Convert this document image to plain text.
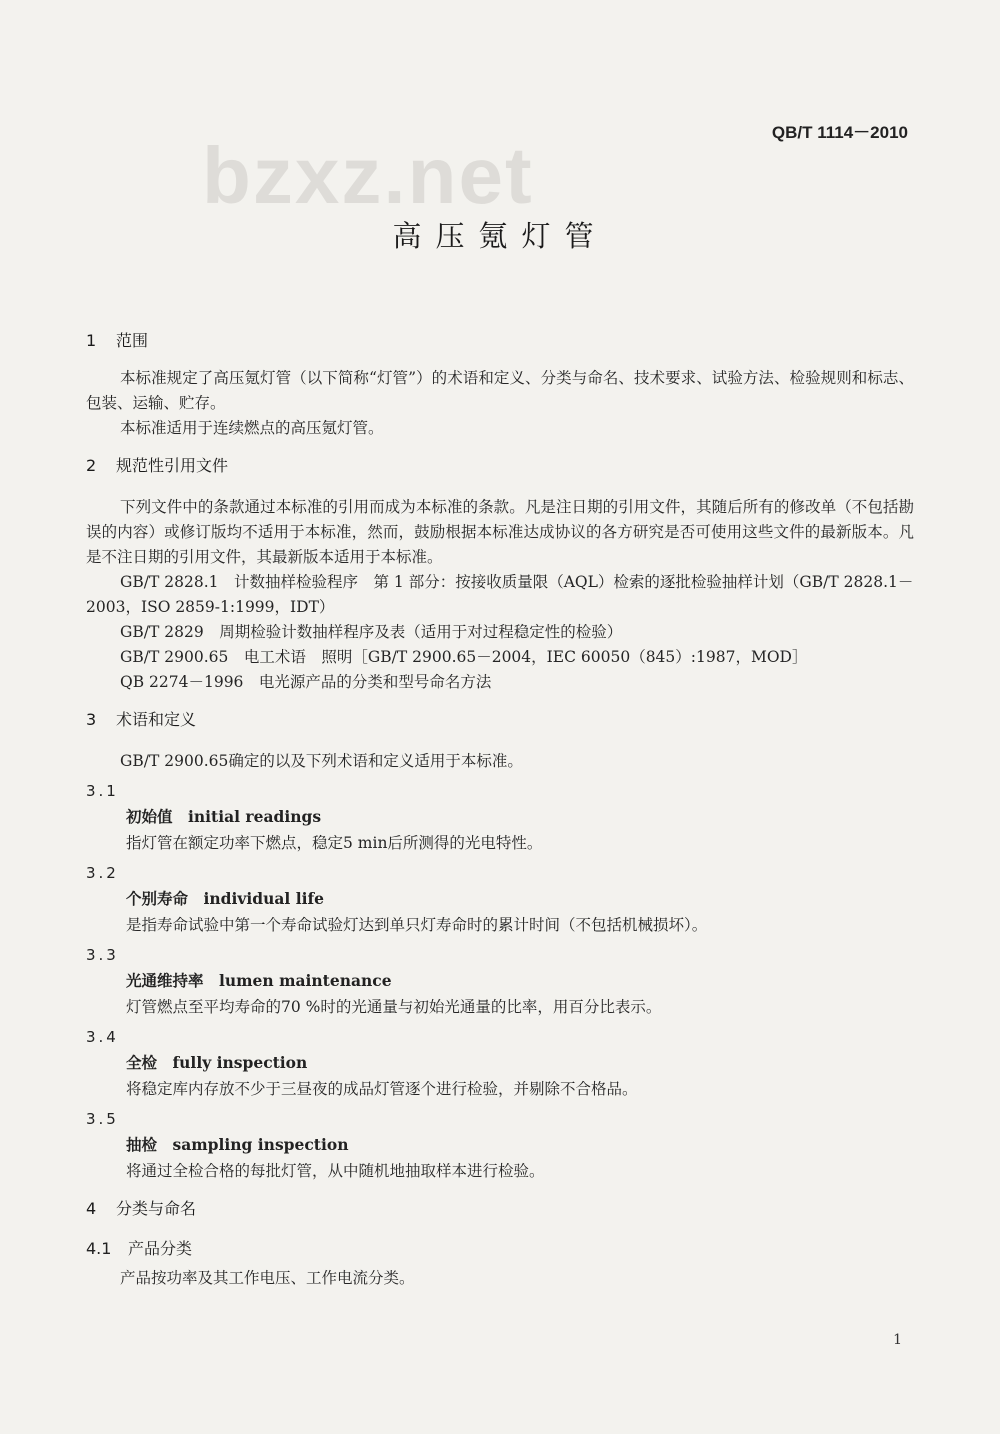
QB/T 1114－2010
bzxz.net
高压氪灯管
1 范围
本标准规定了高压氪灯管（以下简称“灯管”）的术语和定义、分类与命名、技术要求、试验方法、检验规则和标志、包装、运输、贮存。
本标准适用于连续燃点的高压氪灯管。
2 规范性引用文件
下列文件中的条款通过本标准的引用而成为本标准的条款。凡是注日期的引用文件，其随后所有的修改单（不包括勘误的内容）或修订版均不适用于本标准，然而，鼓励根据本标准达成协议的各方研究是否可使用这些文件的最新版本。凡是不注日期的引用文件，其最新版本适用于本标准。
GB/T 2828.1　计数抽样检验程序　第 1 部分：按接收质量限（AQL）检索的逐批检验抽样计划（GB/T 2828.1－2003，ISO 2859-1:1999，IDT）
GB/T 2829　周期检验计数抽样程序及表（适用于对过程稳定性的检验）
GB/T 2900.65　电工术语　照明［GB/T 2900.65－2004，IEC 60050（845）:1987，MOD］
QB 2274－1996　电光源产品的分类和型号命名方法
3 术语和定义
GB/T 2900.65确定的以及下列术语和定义适用于本标准。
3.1
初始值　initial readings
指灯管在额定功率下燃点，稳定5 min后所测得的光电特性。
3.2
个别寿命　individual life
是指寿命试验中第一个寿命试验灯达到单只灯寿命时的累计时间（不包括机械损坏）。
3.3
光通维持率　lumen maintenance
灯管燃点至平均寿命的70 %时的光通量与初始光通量的比率，用百分比表示。
3.4
全检　fully inspection
将稳定库内存放不少于三昼夜的成品灯管逐个进行检验，并剔除不合格品。
3.5
抽检　sampling inspection
将通过全检合格的每批灯管，从中随机地抽取样本进行检验。
4 分类与命名
4.1 产品分类
产品按功率及其工作电压、工作电流分类。
1
